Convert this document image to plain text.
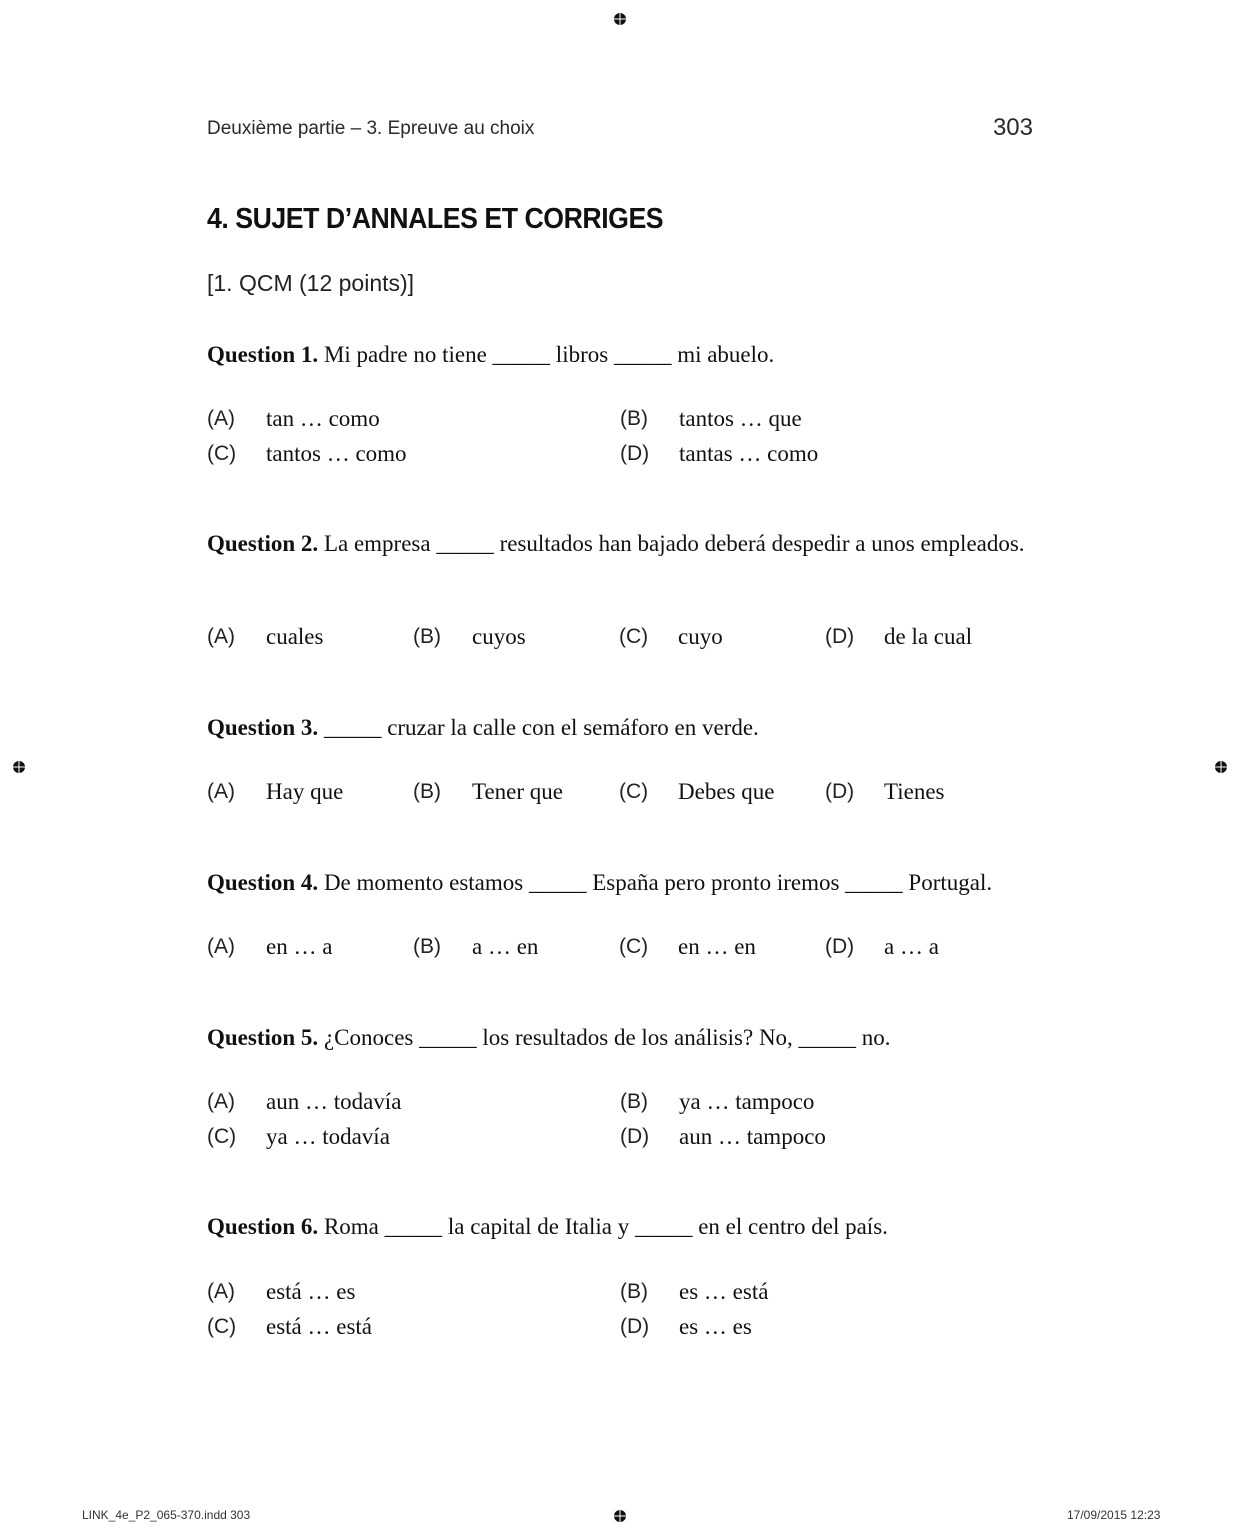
Deuxième partie – 3. Epreuve au choix	303
4. SUJET D’ANNALES ET CORRIGES
[1. QCM (12 points)]
Question 1. Mi padre no tiene _____ libros _____ mi abuelo.
(A)	tan … como	(B)	tantos … que
(C)	tantos … como	(D)	tantas … como
Question 2. La empresa _____ resultados han bajado deberá despedir a unos empleados.
(A)	cuales	(B)	cuyos	(C)	cuyo	(D)	de la cual
Question 3. _____ cruzar la calle con el semáforo en verde.
(A)	Hay que	(B)	Tener que	(C)	Debes que (D)	Tienes
Question 4. De momento estamos _____ España pero pronto iremos _____ Portugal.
(A)	en … a	(B)	a … en	(C)	en … en	(D)	a … a
Question 5. ¿Conoces _____ los resultados de los análisis? No, _____ no.
(A)	aun … todavía	(B)	ya … tampoco
(C)	ya … todavía	(D)	aun … tampoco
Question 6. Roma _____ la capital de Italia y _____ en el centro del país.
(A)	está … es	(B)	es … está
(C)	está … está	(D)	es … es
LINK_4e_P2_065-370.indd 303	17/09/2015 12:23
